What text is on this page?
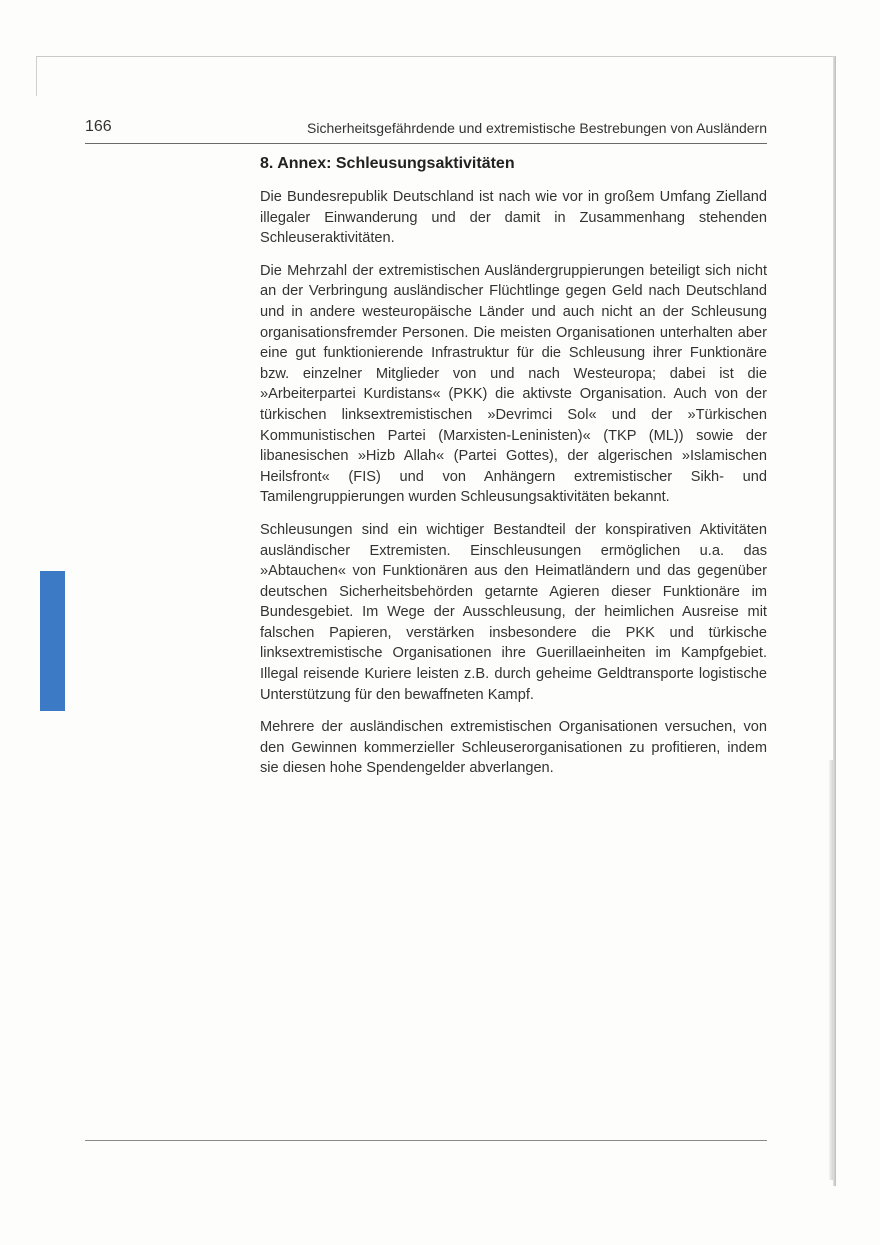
166	Sicherheitsgefährdende und extremistische Bestrebungen von Ausländern
8. Annex: Schleusungsaktivitäten

Die Bundesrepublik Deutschland ist nach wie vor in großem Umfang Zielland illegaler Einwanderung und der damit in Zusammenhang stehenden Schleuseraktivitäten.

Die Mehrzahl der extremistischen Ausländergruppierungen beteiligt sich nicht an der Verbringung ausländischer Flüchtlinge gegen Geld nach Deutschland und in andere westeuropäische Länder und auch nicht an der Schleusung organisationsfremder Personen. Die meisten Organisationen unterhalten aber eine gut funktionierende Infrastruktur für die Schleusung ihrer Funktionäre bzw. einzelner Mitglieder von und nach Westeuropa; dabei ist die »Arbeiterpartei Kurdistans« (PKK) die aktivste Organisation. Auch von der türkischen linksextremistischen »Devrimci Sol« und der »Türkischen Kommunistischen Partei (Marxisten-Leninisten)« (TKP (ML)) sowie der libanesischen »Hizb Allah« (Partei Gottes), der algerischen »Islamischen Heilsfront« (FIS) und von Anhängern extremistischer Sikh- und Tamilengruppierungen wurden Schleusungsaktivitäten bekannt.

Schleusungen sind ein wichtiger Bestandteil der konspirativen Aktivitäten ausländischer Extremisten. Einschleusungen ermöglichen u.a. das »Abtauchen« von Funktionären aus den Heimatländern und das gegenüber deutschen Sicherheitsbehörden getarnte Agieren dieser Funktionäre im Bundesgebiet. Im Wege der Ausschleusung, der heimlichen Ausreise mit falschen Papieren, verstärken insbesondere die PKK und türkische linksextremistische Organisationen ihre Guerillaeinheiten im Kampfgebiet. Illegal reisende Kuriere leisten z.B. durch geheime Geldtransporte logistische Unterstützung für den bewaffneten Kampf.

Mehrere der ausländischen extremistischen Organisationen versuchen, von den Gewinnen kommerzieller Schleuserorganisationen zu profitieren, indem sie diesen hohe Spendengelder abverlangen.
